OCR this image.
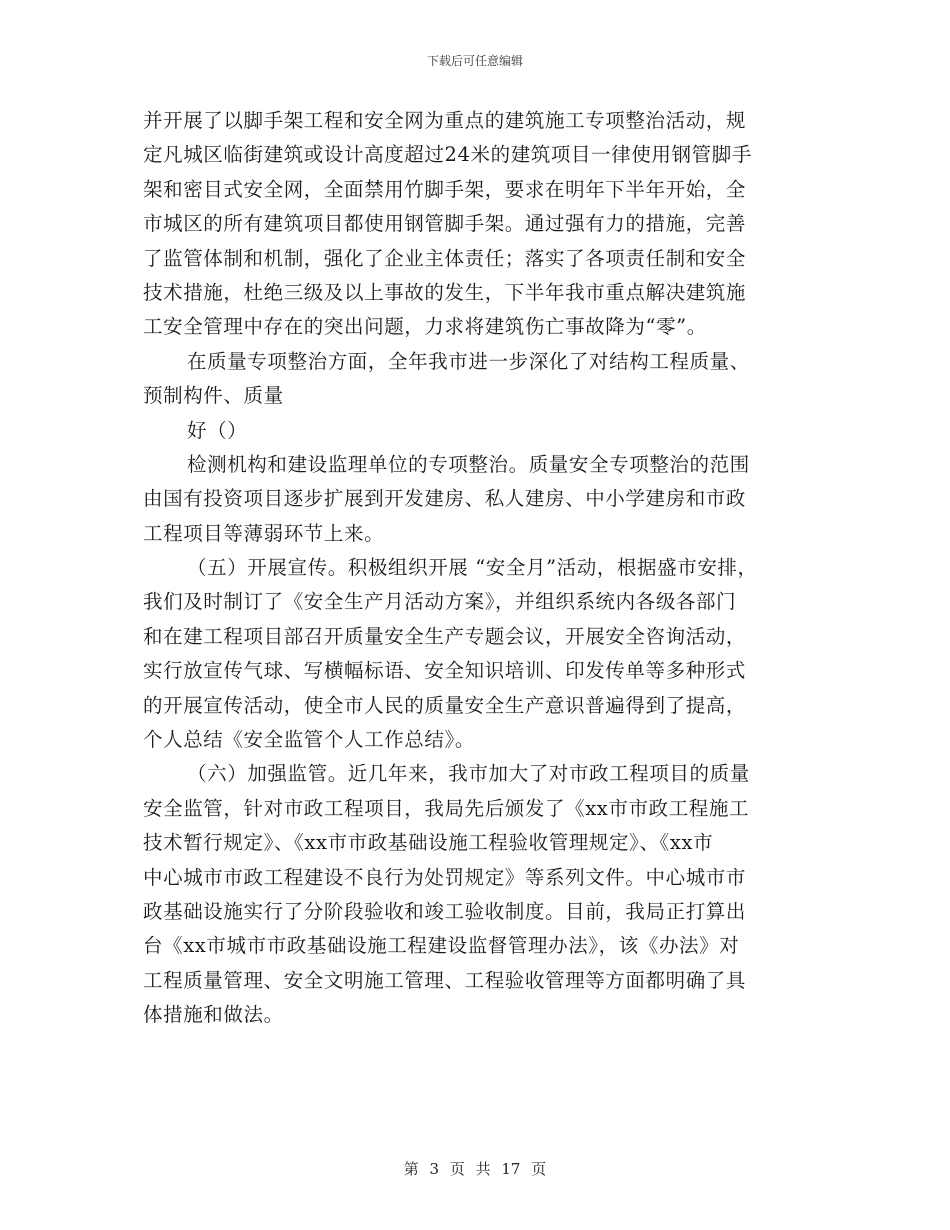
下载后可任意编辑
并开展了以脚手架工程和安全网为重点的建筑施工专项整治活动，规
定凡城区临街建筑或设计高度超过24米的建筑项目一律使用钢管脚手
架和密目式安全网，全面禁用竹脚手架，要求在明年下半年开始，全
市城区的所有建筑项目都使用钢管脚手架。通过强有力的措施，完善
了监管体制和机制，强化了企业主体责任；落实了各项责任制和安全
技术措施，杜绝三级及以上事故的发生，下半年我市重点解决建筑施
工安全管理中存在的突出问题，力求将建筑伤亡事故降为“零”。
在质量专项整治方面，全年我市进一步深化了对结构工程质量、
预制构件、质量
好（）
检测机构和建设监理单位的专项整治。质量安全专项整治的范围
由国有投资项目逐步扩展到开发建房、私人建房、中小学建房和市政
工程项目等薄弱环节上来。
（五）开展宣传。积极组织开展 “安全月”活动，根据盛市安排，
我们及时制订了《安全生产月活动方案》，并组织系统内各级各部门
和在建工程项目部召开质量安全生产专题会议，开展安全咨询活动，
实行放宣传气球、写横幅标语、安全知识培训、印发传单等多种形式
的开展宣传活动，使全市人民的质量安全生产意识普遍得到了提高，
个人总结《安全监管个人工作总结》。
（六）加强监管。近几年来，我市加大了对市政工程项目的质量
安全监管，针对市政工程项目，我局先后颁发了《xx市市政工程施工
技术暂行规定》、《xx市市政基础设施工程验收管理规定》、《xx市
中心城市市政工程建设不良行为处罚规定》等系列文件。中心城市市
政基础设施实行了分阶段验收和竣工验收制度。目前，我局正打算出
台《xx市城市市政基础设施工程建设监督管理办法》，该《办法》对
工程质量管理、安全文明施工管理、工程验收管理等方面都明确了具
体措施和做法。
第 3 页 共 17 页
